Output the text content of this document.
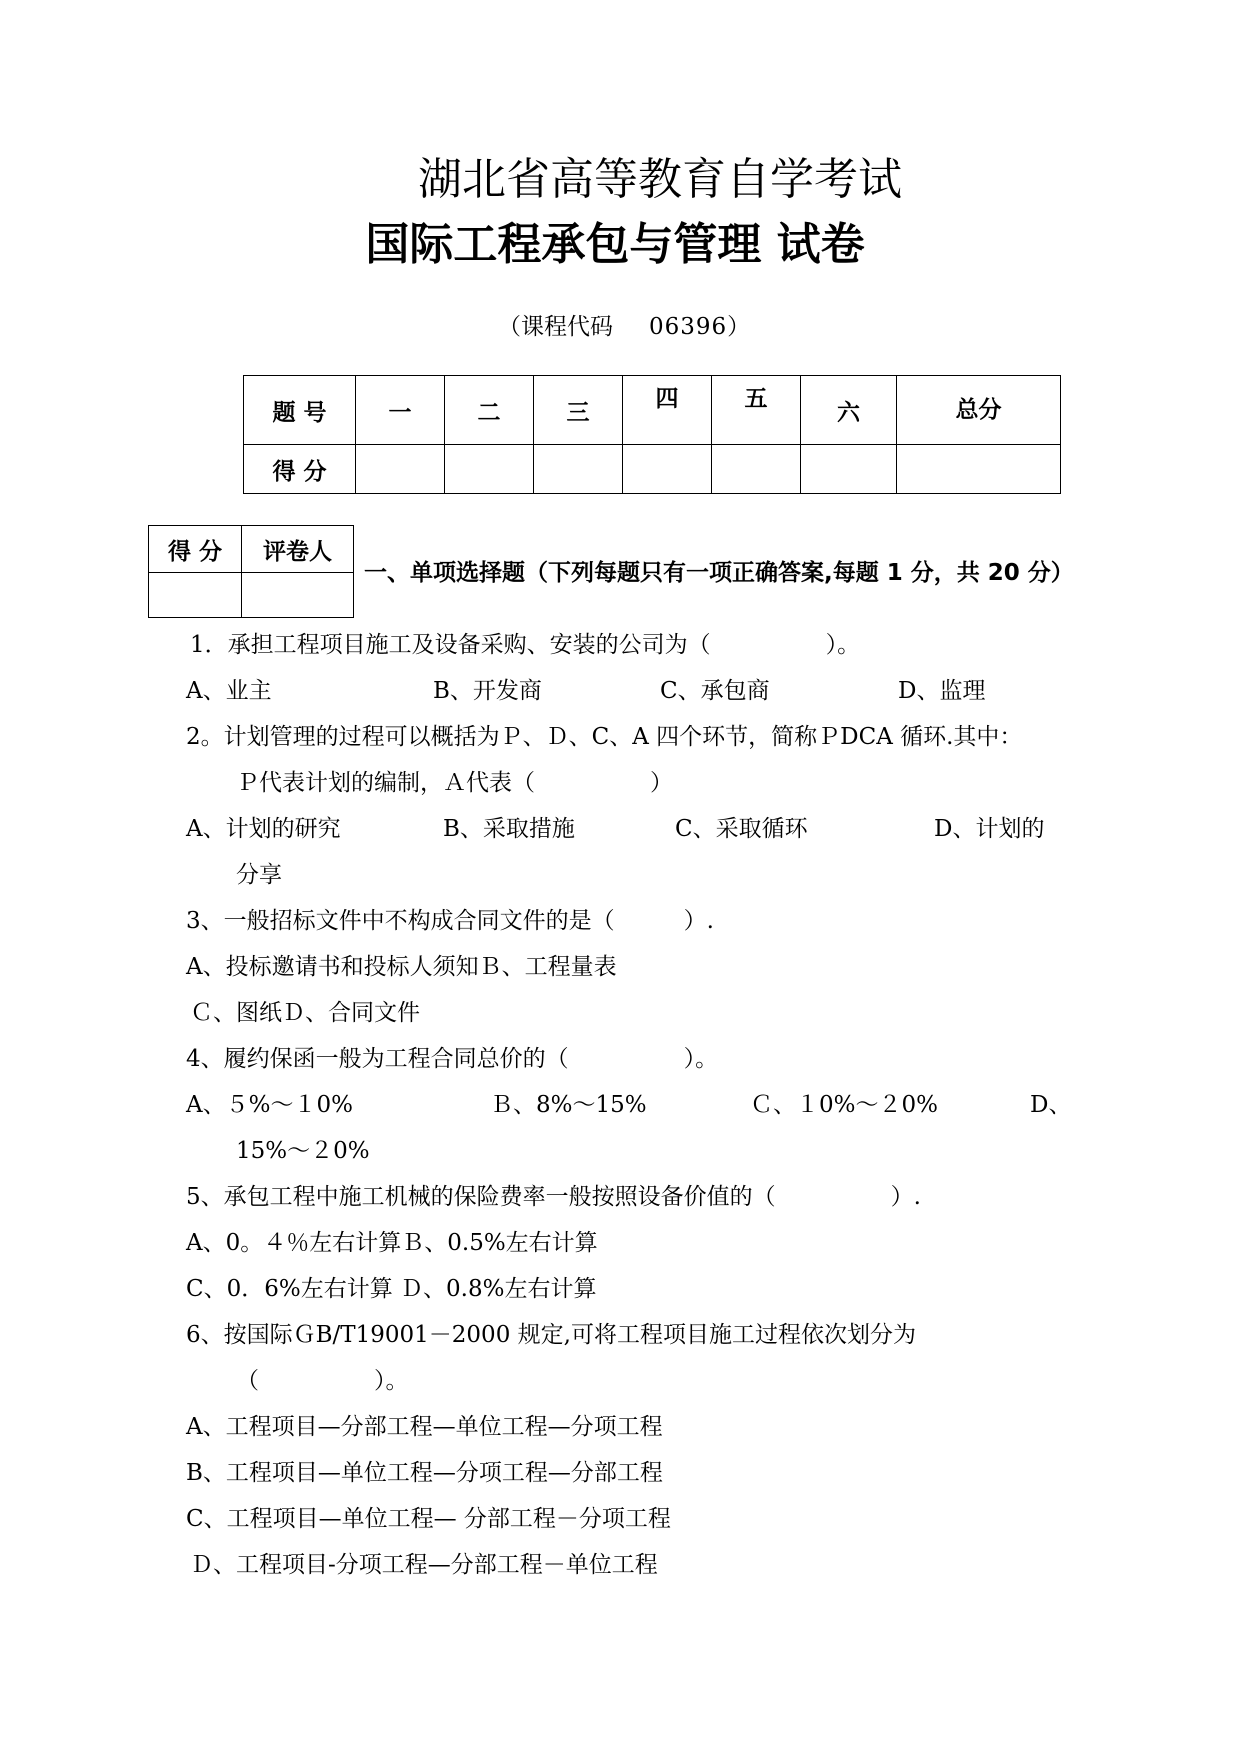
湖北省高等教育自学考试
国际工程承包与管理 试卷
（课程代码 06396）
题 号	一	二	三	四	五	六	总分
得 分							
得 分	评卷人

一、单项选择题（下列每题只有一项正确答案,每题 1 分，共 20 分）
1．承担工程项目施工及设备采购、安装的公司为（　　　　　）。
A、业主	B、开发商	C、承包商	D、监理
2。计划管理的过程可以概括为Ｐ、Ｄ、C、A 四个环节，简称ＰDCA 循环.其中：
Ｐ代表计划的编制，Ａ代表（　　　　　）
A、计划的研究	B、采取措施	C、采取循环	D、计划的
分享
3、一般招标文件中不构成合同文件的是（　　　）.
A、投标邀请书和投标人须知Ｂ、工程量表
Ｃ、图纸Ｄ、合同文件
4、履约保函一般为工程合同总价的（　　　　　）。
A、５%～１0%	Ｂ、8%～15%	Ｃ、１0%～２0%	D、
15%～２0%
5、承包工程中施工机械的保险费率一般按照设备价值的（　　　　　）.
A、0。４％左右计算Ｂ、0.5%左右计算
C、0．6%左右计算 Ｄ、0.8%左右计算
6、按国际ＧB/T19001－2000 规定,可将工程项目施工过程依次划分为
（　　　　　）。
A、工程项目—分部工程—单位工程—分项工程
B、工程项目—单位工程—分项工程—分部工程
C、工程项目—单位工程— 分部工程－分项工程
Ｄ、工程项目-分项工程—分部工程－单位工程
